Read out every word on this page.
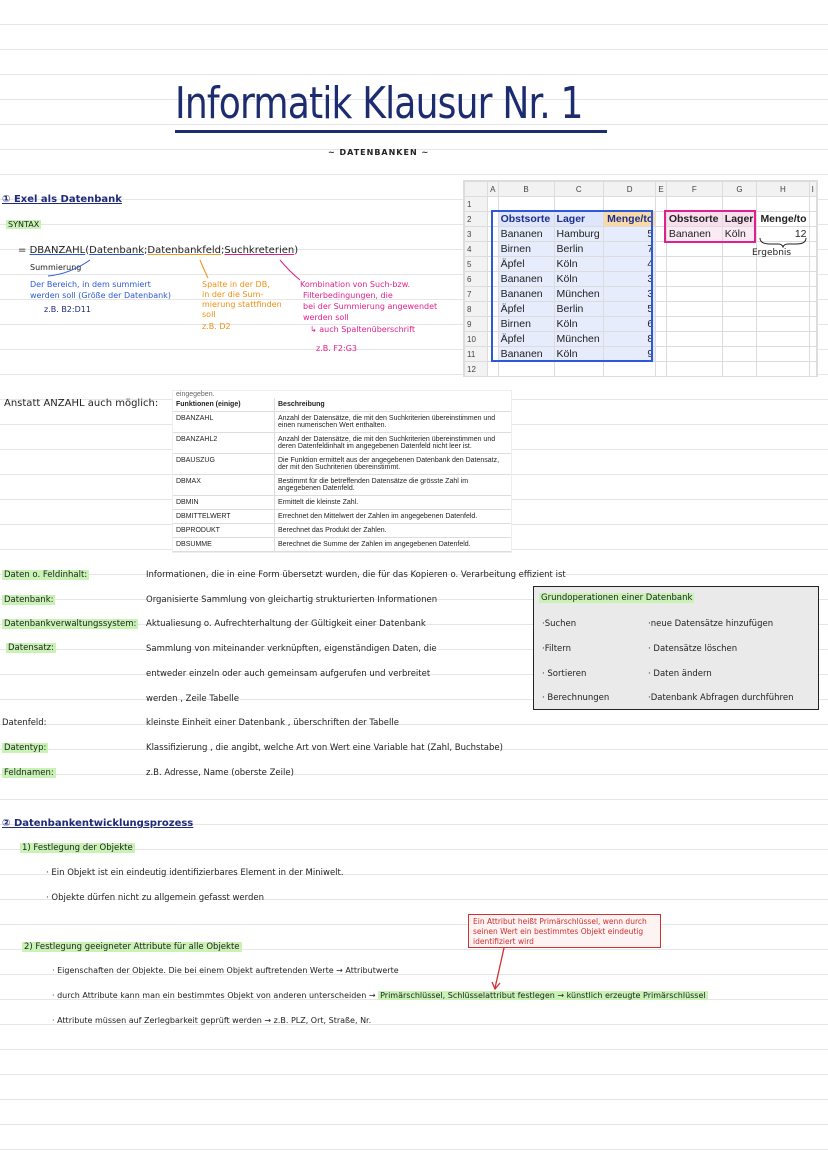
Informatik Klausur Nr. 1
~ DATENBANKEN ~
① Exel als Datenbank
SYNTAX
= DBANZAHL(Datenbank;Datenbankfeld;Suchkreterien)
Summierung
Der Bereich, in dem summiert
werden soll (Größe der Datenbank)
z.B. B2:D11
Spalte in der DB,
in der die Sum-
mierung stattfinden
soll
z.B. D2
Kombination von Such-bzw.
Filterbedingungen, die
bei der Summierung angewendet
werden soll
↳ auch Spaltenüberschrift
z.B. F2:G3
	A	B	C	D	E	F	G	H	I
1									
2		Obstsorte	Lager	Menge/to		Obstsorte	Lager	Menge/to	
3		Bananen	Hamburg	5		Bananen	Köln	12	
4		Birnen	Berlin	7					
5		Äpfel	Köln	4					
6		Bananen	Köln	3					
7		Bananen	München	3					
8		Äpfel	Berlin	5					
9		Birnen	Köln	6					
10		Äpfel	München	8					
11		Bananen	Köln	9					
12									
Ergebnis
Anstatt ANZAHL auch möglich:
eingegeben.
Funktionen (einige)	Beschreibung
DBANZAHL	Anzahl der Datensätze, die mit den Suchkriterien übereinstimmen und einen numerischen Wert enthalten.
DBANZAHL2	Anzahl der Datensätze, die mit den Suchkriterien übereinstimmen und deren Datenfeldinhalt im angegebenen Datenfeld nicht leer ist.
DBAUSZUG	Die Funktion ermittelt aus der angegebenen Datenbank den Datensatz, der mit den Suchriterien übereinstimmt.
DBMAX	Bestimmt für die betreffenden Datensätze die grösste Zahl im angegebenen Datenfeld.
DBMIN	Ermittelt die kleinste Zahl.
DBMITTELWERT	Errechnet den Mittelwert der Zahlen im angegebenen Datenfeld.
DBPRODUKT	Berechnet das Produkt der Zahlen.
DBSUMME	Berechnet die Summe der Zahlen im angegebenen Datenfeld.
Daten o. Feldinhalt:	Informationen, die in eine Form übersetzt wurden, die für das Kopieren o. Verarbeitung effizient ist
Datenbank:	Organisierte Sammlung von gleichartig strukturierten Informationen
Datenbankverwaltungssystem: Aktualiesung o. Aufrechterhaltung der Gültigkeit einer Datenbank
Datensatz:	Sammlung von miteinander verknüpften, eigenständigen Daten, die
entweder einzeln oder auch gemeinsam aufgerufen und verbreitet
werden , Zeile Tabelle
Datenfeld:	kleinste Einheit einer Datenbank , überschriften der Tabelle
Datentyp:	Klassifizierung , die angibt, welche Art von Wert eine Variable hat (Zahl, Buchstabe)
Feldnamen:	z.B. Adresse, Name (oberste Zeile)
Grundoperationen einer Datenbank
·Suchen	·neue Datensätze hinzufügen
·Filtern	· Datensätze löschen
· Sortieren	· Daten ändern
· Berechnungen	·Datenbank Abfragen durchführen
② Datenbankentwicklungsprozess
1) Festlegung der Objekte
· Ein Objekt ist ein eindeutig identifizierbares Element in der Miniwelt.
· Objekte dürfen nicht zu allgemein gefasst werden
Ein Attribut heißt Primärschlüssel, wenn durch seinen Wert ein bestimmtes Objekt eindeutig identifiziert wird
2) Festlegung geeigneter Attribute für alle Objekte
· Eigenschaften der Objekte. Die bei einem Objekt auftretenden Werte → Attributwerte
· durch Attribute kann man ein bestimmtes Objekt von anderen unterscheiden → Primärschlüssel, Schlüsselattribut festlegen → künstlich erzeugte Primärschlüssel
· Attribute müssen auf Zerlegbarkeit geprüft werden → z.B. PLZ, Ort, Straße, Nr.
